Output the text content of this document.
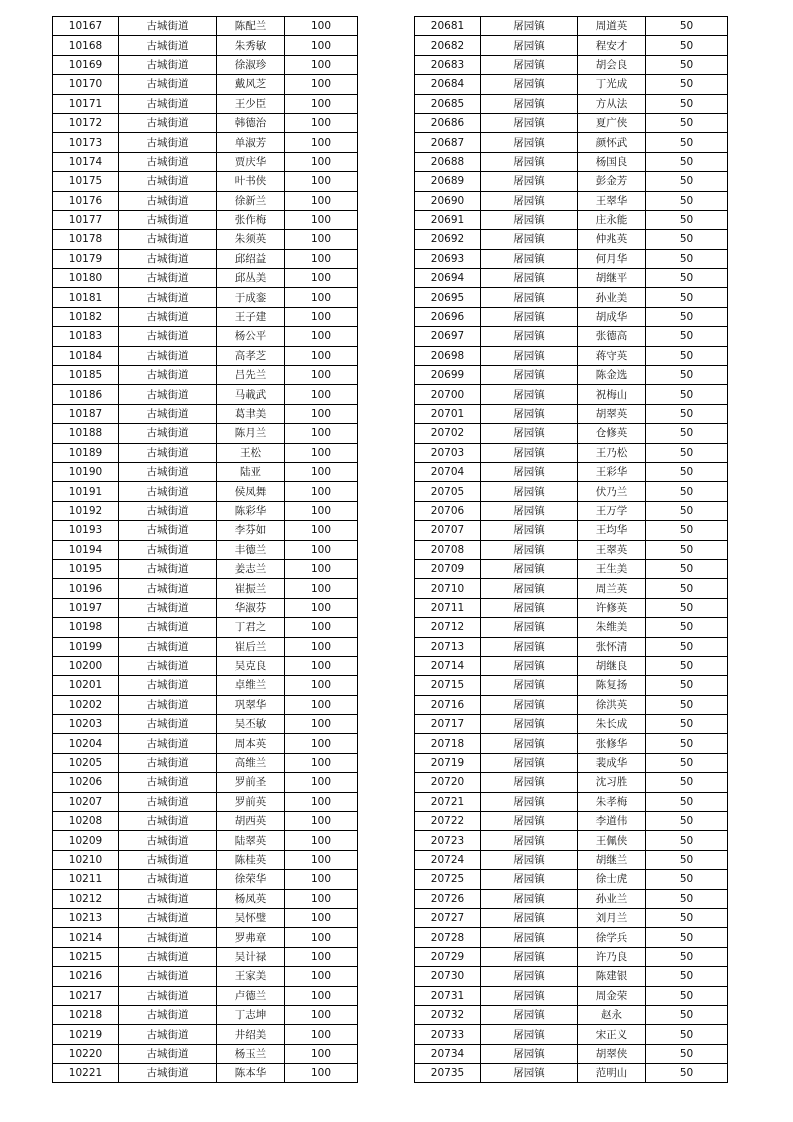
10167	古城街道	陈配兰	100
10168	古城街道	朱秀敏	100
10169	古城街道	徐淑珍	100
10170	古城街道	戴风芝	100
10171	古城街道	王少臣	100
10172	古城街道	韩德治	100
10173	古城街道	单淑芳	100
10174	古城街道	贾庆华	100
10175	古城街道	叶书侠	100
10176	古城街道	徐新兰	100
10177	古城街道	张作梅	100
10178	古城街道	朱须英	100
10179	古城街道	邱绍益	100
10180	古城街道	邱丛美	100
10181	古城街道	于成銮	100
10182	古城街道	王子建	100
10183	古城街道	杨公平	100
10184	古城街道	高孝芝	100
10185	古城街道	吕先兰	100
10186	古城街道	马載武	100
10187	古城街道	葛聿美	100
10188	古城街道	陈月兰	100
10189	古城街道	王松	100
10190	古城街道	陆亚	100
10191	古城街道	侯凤舞	100
10192	古城街道	陈彩华	100
10193	古城街道	李芬如	100
10194	古城街道	丰德兰	100
10195	古城街道	姜志兰	100
10196	古城街道	崔振兰	100
10197	古城街道	华淑芬	100
10198	古城街道	丁君之	100
10199	古城街道	崔后兰	100
10200	古城街道	吴克良	100
10201	古城街道	卓维兰	100
10202	古城街道	巩翠华	100
10203	古城街道	吴丕敏	100
10204	古城街道	周本英	100
10205	古城街道	高维兰	100
10206	古城街道	罗前圣	100
10207	古城街道	罗前英	100
10208	古城街道	胡西英	100
10209	古城街道	陆翠英	100
10210	古城街道	陈桂英	100
10211	古城街道	徐荣华	100
10212	古城街道	杨凤英	100
10213	古城街道	吴怀璧	100
10214	古城街道	罗弗章	100
10215	古城街道	吴计禄	100
10216	古城街道	王家美	100
10217	古城街道	卢德兰	100
10218	古城街道	丁志坤	100
10219	古城街道	井绍美	100
10220	古城街道	杨玉兰	100
10221	古城街道	陈本华	100
20681	屠园镇	周道英	50
20682	屠园镇	程安才	50
20683	屠园镇	胡会良	50
20684	屠园镇	丁光成	50
20685	屠园镇	方从法	50
20686	屠园镇	夏广侠	50
20687	屠园镇	颜怀武	50
20688	屠园镇	杨国良	50
20689	屠园镇	彭金芳	50
20690	屠园镇	王翠华	50
20691	屠园镇	庄永能	50
20692	屠园镇	仲兆英	50
20693	屠园镇	何月华	50
20694	屠园镇	胡继平	50
20695	屠园镇	孙业美	50
20696	屠园镇	胡成华	50
20697	屠园镇	张德高	50
20698	屠园镇	蒋守英	50
20699	屠园镇	陈金选	50
20700	屠园镇	祝梅山	50
20701	屠园镇	胡翠英	50
20702	屠园镇	仓修英	50
20703	屠园镇	王乃松	50
20704	屠园镇	王彩华	50
20705	屠园镇	伏乃兰	50
20706	屠园镇	王万学	50
20707	屠园镇	王均华	50
20708	屠园镇	王翠英	50
20709	屠园镇	王生美	50
20710	屠园镇	周兰英	50
20711	屠园镇	许修英	50
20712	屠园镇	朱维美	50
20713	屠园镇	张怀清	50
20714	屠园镇	胡继良	50
20715	屠园镇	陈复扬	50
20716	屠园镇	徐洪英	50
20717	屠园镇	朱长成	50
20718	屠园镇	张修华	50
20719	屠园镇	裴成华	50
20720	屠园镇	沈习胜	50
20721	屠园镇	朱孝梅	50
20722	屠园镇	李道伟	50
20723	屠园镇	王佩侠	50
20724	屠园镇	胡继兰	50
20725	屠园镇	徐士虎	50
20726	屠园镇	孙业兰	50
20727	屠园镇	刘月兰	50
20728	屠园镇	徐学兵	50
20729	屠园镇	许乃良	50
20730	屠园镇	陈建银	50
20731	屠园镇	周金荣	50
20732	屠园镇	赵永	50
20733	屠园镇	宋正义	50
20734	屠园镇	胡翠侠	50
20735	屠园镇	范明山	50
